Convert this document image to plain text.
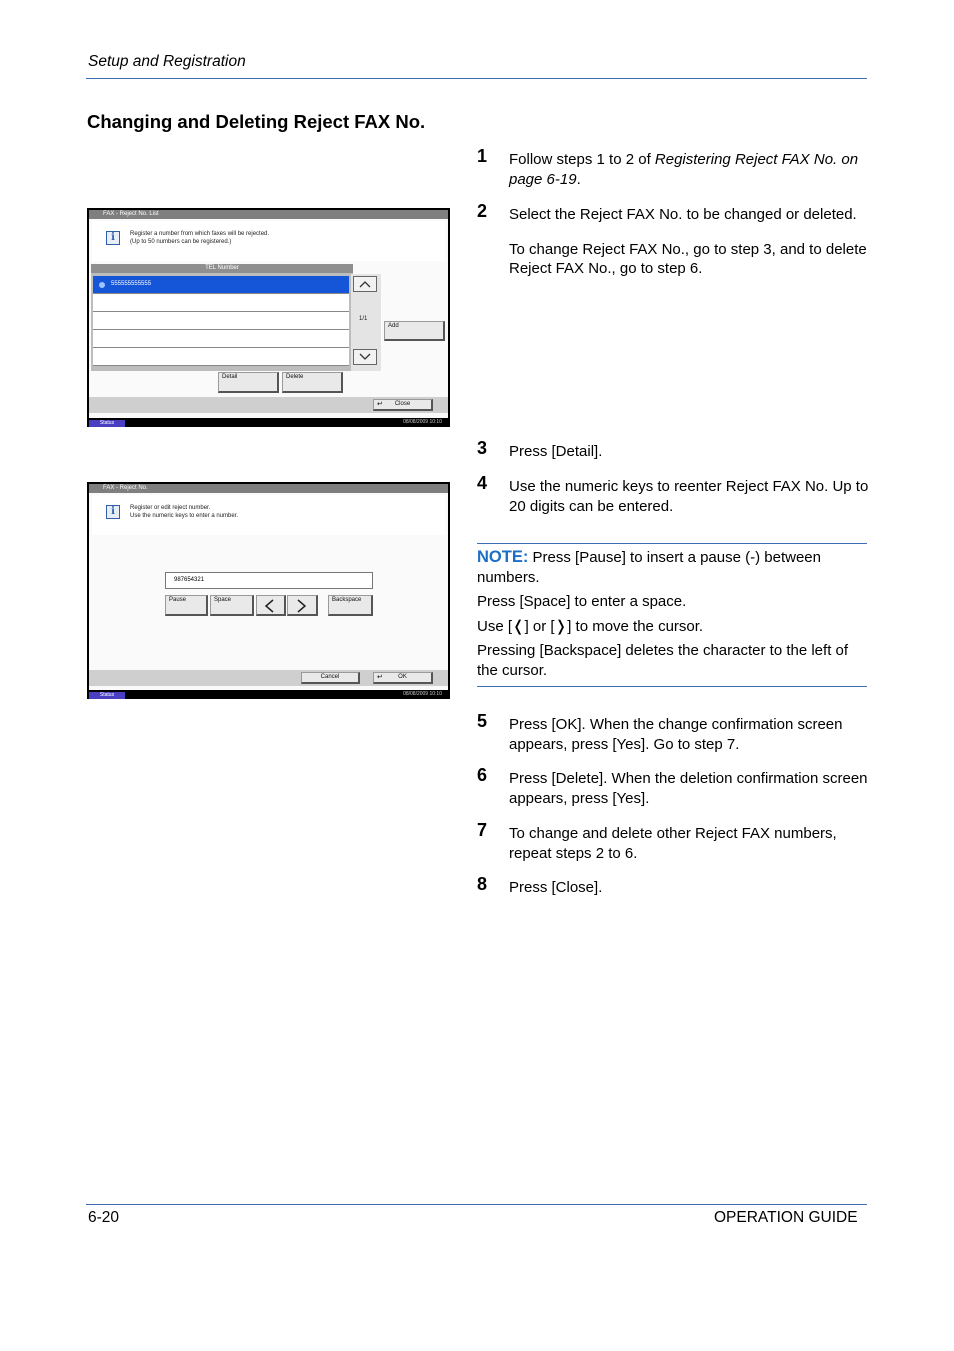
Setup and Registration
Changing and Deleting Reject FAX No.
1 Follow steps 1 to 2 of Registering Reject FAX No. on page 6-19.
2 Select the Reject FAX No. to be changed or deleted.
To change Reject FAX No., go to step 3, and to delete Reject FAX No., go to step 6.
3 Press [Detail].
4 Use the numeric keys to reenter Reject FAX No. Up to 20 digits can be entered.

NOTE: Press [Pause] to insert a pause (-) between numbers.

Press [Space] to enter a space.

Use [❬] or [❭] to move the cursor.

Pressing [Backspace] deletes the character to the left of the cursor.

5 Press [OK]. When the change confirmation screen appears, press [Yes]. Go to step 7.
6 Press [Delete]. When the deletion confirmation screen appears, press [Yes].
7 To change and delete other Reject FAX numbers, repeat steps 2 to 6.
8 Press [Close].
FAX - Reject No. List
i	Register a number from which faxes will be rejected.
(Up to 50 numbers can be registered.)
TEL Number
555555555555
1/1
Add
Detail	Delete
↵ Close
Status	08/08/2009 10:10
FAX - Reject No.
i	Register or edit reject number.
Use the numeric keys to enter a number.
987654321
Pause	Space	Backspace
Cancel	↵	OK
Status	08/08/2009 10:10
6-20	OPERATION GUIDE
